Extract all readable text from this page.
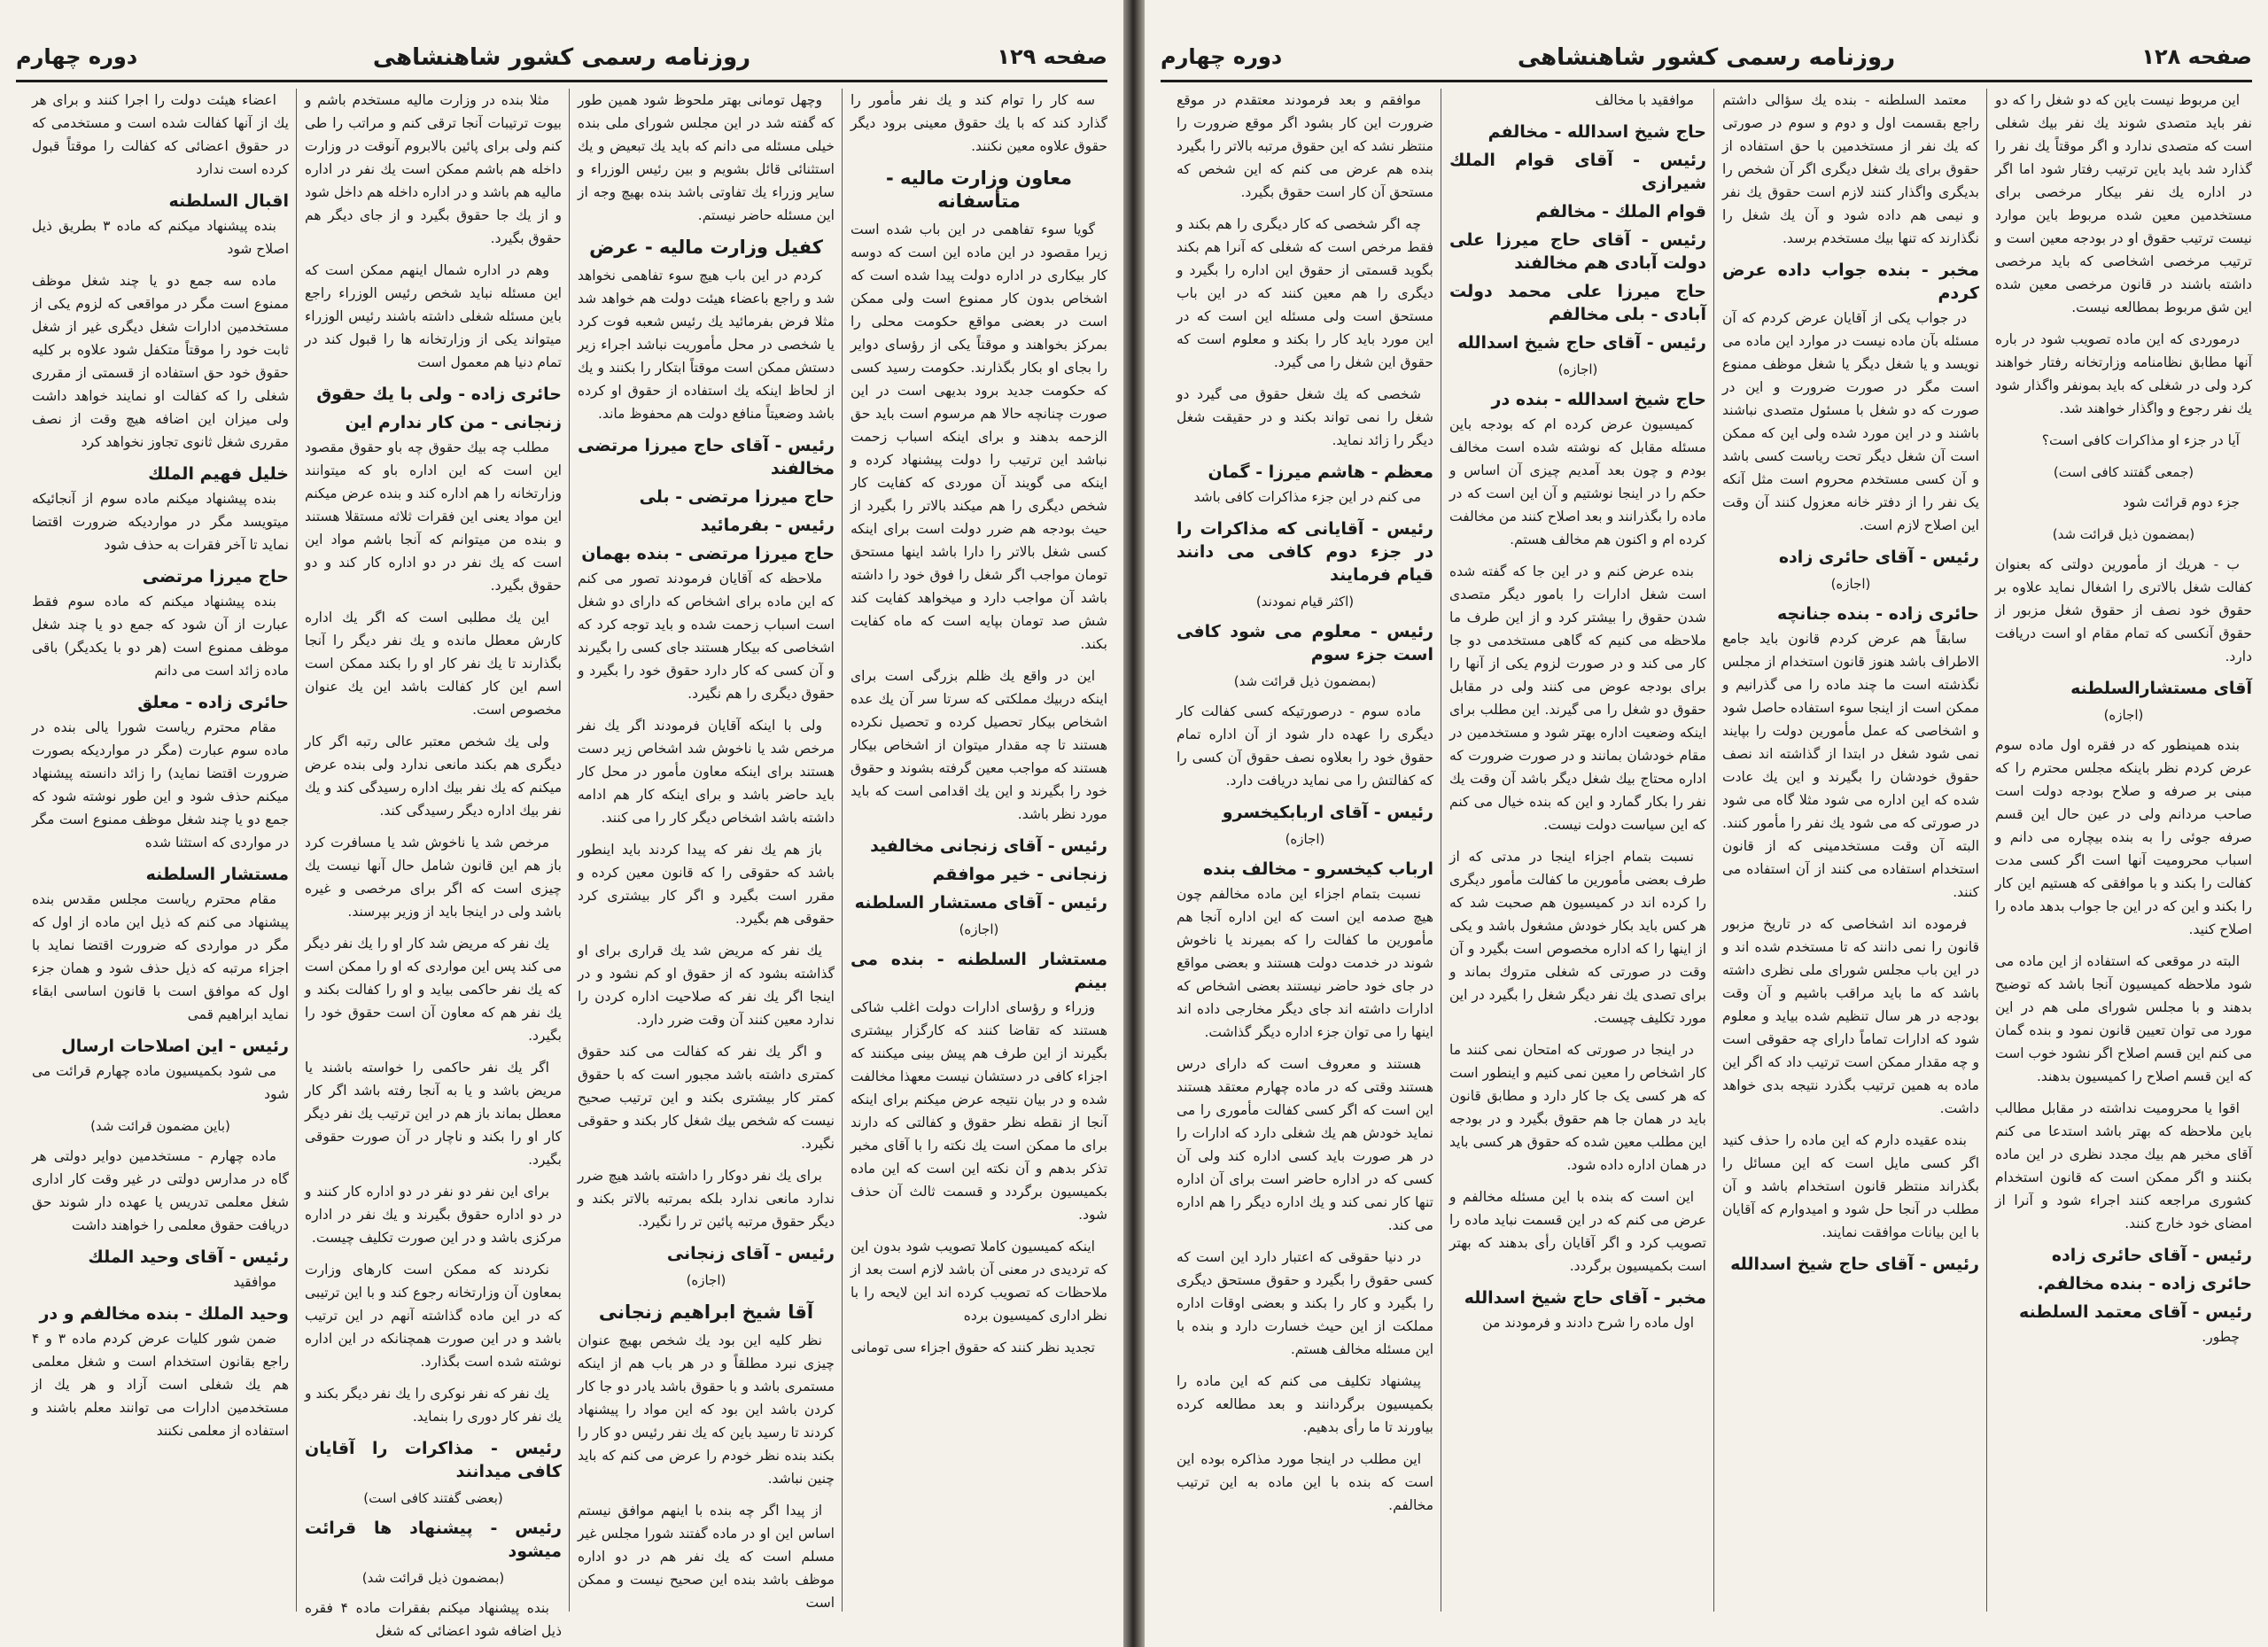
صفحه ۱۲۸
روزنامه رسمی کشور شاهنشاهی
دوره چهارم

این مربوط نیست باین که دو شغل را که دو نفر باید متصدی شوند یك نفر بیك شغلی است که متصدی ندارد و اگر موقتاً یك نفر را گذارد شد باید باین ترتیب رفتار شود اما اگر در اداره یك نفر بیکار مرخصی برای مستخدمین معین شده مربوط باین موارد نیست ترتیب حقوق او در بودجه معین است و ترتیب مرخصی اشخاصی که باید مرخصی داشته باشند در قانون مرخصی معین شده این شق مربوط بمطالعه نیست.

درموردی که این ماده تصویب شود در باره آنها مطابق نظامنامه وزارتخانه رفتار خواهند کرد ولی در شغلی که باید بمونفر واگذار شود یك نفر رجوع و واگذار خواهند شد.

آیا در جزء او مذاکرات کافی است؟

(جمعی گفتند کافی است)

جزء دوم قرائت شود

(بمضمون ذیل قرائت شد)

ب - هریك از مأمورین دولتی که بعنوان کفالت شغل بالاتری را اشغال نماید علاوه بر حقوق خود نصف از حقوق شغل مزبور از حقوق آنکسی که تمام مقام او است دریافت دارد.

آقای مستشارالسلطنه
(اجازه)

بنده همینطور که در فقره اول ماده سوم عرض کردم نظر باینکه مجلس محترم را که مبنی بر صرفه و صلاح بودجه دولت است صاحب مردانم ولی در عین حال این قسم صرفه جوئی را به بنده بیچاره می دانم و اسباب محرومیت آنها است اگر کسی مدت کفالت را بکند و با موافقی که هستیم این کار را بکند و این که در این جا جواب بدهد ماده را اصلاح کنید.

البته در موقعی که استفاده از این ماده می شود ملاحظه کمیسیون آنجا باشد که توضیح بدهند و با مجلس شورای ملی هم در این مورد می توان تعیین قانون نمود و بنده گمان می کنم این قسم اصلاح اگر نشود خوب است که این قسم اصلاح را کمیسیون بدهند.

اقوا یا محرومیت نداشته در مقابل مطالب باین ملاحظه که بهتر باشد استدعا می کنم آقای مخبر هم بیك مجدد نظری در این ماده بکنند و اگر ممکن است که قانون استخدام کشوری مراجعه کنند اجراء شود و آنرا از امضای خود خارج کنند.

رئیس - آقای حائری زاده
حائری زاده - بنده مخالفم.
رئیس - آقای معتمد السلطنه

چطور.

معتمد السلطنه - بنده یك سؤالی داشتم راجع بقسمت اول و دوم و سوم در صورتی که یك نفر از مستخدمین با حق استفاده از حقوق برای یك شغل دیگری اگر آن شخص را بدیگری واگذار کنند لازم است حقوق یك نفر و نیمی هم داده شود و آن یك شغل را نگذارند که تنها بیك مستخدم برسد.

مخبر - بنده جواب داده عرض کردم

در جواب یکی از آقایان عرض کردم که آن مسئله بآن ماده نیست در موارد این ماده می نویسد و یا شغل دیگر یا شغل موظف ممنوع است مگر در صورت ضرورت و این در صورت که دو شغل با مسئول متصدی نباشند باشند و در این مورد شده ولی این که ممکن است آن شغل دیگر تحت ریاست کسی باشد و آن کسی مستخدم محروم است مثل آنکه یک نفر را از دفتر خانه معزول کنند آن وقت این اصلاح لازم است.

رئیس - آقای حائری زاده
(اجازه)
حائری زاده - بنده جنانچه

سابقاً هم عرض کردم قانون باید جامع الاطراف باشد هنوز قانون استخدام از مجلس نگذشته است ما چند ماده را می گذرانیم و ممکن است از اینجا سوء استفاده حاصل شود و اشخاصی که عمل مأمورین دولت را بپایند نمی شود شغل در ابتدا از گذاشته اند نصف حقوق خودشان را بگیرند و این یك عادت شده که این اداره می شود مثلا گاه می شود در صورتی که می شود یك نفر را مأمور کنند. البته آن وقت مستخدمینی که از قانون استخدام استفاده می کنند از آن استفاده می کنند.

فرموده اند اشخاصی که در تاریخ مزبور قانون را نمی دانند که تا مستخدم شده اند و در این باب مجلس شورای ملی نظری داشته باشد که ما باید مراقب باشیم و آن وقت بودجه در هر سال تنظیم شده بیاید و معلوم شود که ادارات تماماً دارای چه حقوقی است و چه مقدار ممکن است ترتیب داد که اگر این ماده به همین ترتیب بگذرد نتیجه بدی خواهد داشت.

بنده عقیده دارم که این ماده را حذف کنید اگر کسی مایل است که این مسائل را بگذراند منتظر قانون استخدام باشد و آن مطلب در آنجا حل شود و امیدوارم که آقایان با این بیانات موافقت نمایند.

رئیس - آقای حاج شیخ اسدالله

موافقید با مخالف

حاج شیخ اسدالله - مخالفم
رئیس - آقای قوام الملك شیرازی
قوام الملك - مخالفم
رئیس - آقای حاج میرزا علی دولت آبادی هم مخالفند
حاج میرزا علی محمد دولت آبادی - بلی مخالفم
رئیس - آقای حاج شیخ اسدالله
(اجازه)
حاج شیخ اسدالله - بنده در

کمیسیون عرض کرده ام که بودجه باین مسئله مقابل که نوشته شده است مخالف بودم و چون بعد آمدیم چیزی آن اساس و حکم را در اینجا نوشتیم و آن این است که در ماده را بگذرانند و بعد اصلاح کنند من مخالفت کرده ام و اکنون هم مخالف هستم.

بنده عرض کنم و در این جا که گفته شده است شغل ادارات را بامور دیگر متصدی شدن حقوق را بیشتر کرد و از این طرف ما ملاحظه می کنیم که گاهی مستخدمی دو جا کار می کند و در صورت لزوم یکی از آنها را برای بودجه عوض می کنند ولی در مقابل حقوق دو شغل را می گیرند. این مطلب برای اینکه وضعیت اداره بهتر شود و مستخدمین در مقام خودشان بمانند و در صورت ضرورت که اداره محتاج بیك شغل دیگر باشد آن وقت یك نفر را بکار گمارد و این که بنده خیال می کنم که این سیاست دولت نیست.

نسبت بتمام اجزاء اینجا در مدتی که از طرف بعضی مأمورین ما کفالت مأمور دیگری را کرده اند در کمیسیون هم صحبت شد که هر کس باید بکار خودش مشغول باشد و یکی از اینها را که اداره مخصوص است بگیرد و آن وقت در صورتی که شغلی متروك بماند و برای تصدی یك نفر دیگر شغل را بگیرد در این مورد تکلیف چیست.

در اینجا در صورتی که امتحان نمی کنند ما کار اشخاص را معین نمی کنیم و اینطور است که هر کسی یک جا کار دارد و مطابق قانون باید در همان جا هم حقوق بگیرد و در بودجه این مطلب معین شده که حقوق هر کسی باید در همان اداره داده شود.

این است که بنده با این مسئله مخالفم و عرض می کنم که در این قسمت نباید ماده را تصویب کرد و اگر آقایان رأی بدهند که بهتر است بکمیسیون برگردد.

مخبر - آقای حاج شیخ اسدالله

اول ماده را شرح دادند و فرمودند من

موافقم و بعد فرمودند معتقدم در موقع ضرورت این کار بشود اگر موقع ضرورت را منتظر نشد که این حقوق مرتبه بالاتر را بگیرد بنده هم عرض می کنم که این شخص که مستحق آن کار است حقوق بگیرد.

چه اگر شخصی که کار دیگری را هم بکند و فقط مرخص است که شغلی که آنرا هم بکند بگوید قسمتی از حقوق این اداره را بگیرد و دیگری را هم معین کنند که در این باب مستحق است ولی مسئله این است که در این مورد باید کار را بکند و معلوم است که حقوق این شغل را می گیرد.

شخصی که یك شغل حقوق می گیرد دو شغل را نمی تواند بکند و در حقیقت شغل دیگر را زائد نماید.

معظم - هاشم میرزا - گمان

می کنم در این جزء مذاکرات کافی باشد

رئیس - آقایانی که مذاکرات را در جزء دوم کافی می دانند قیام فرمایند
(اکثر قیام نمودند)
رئیس - معلوم می شود کافی است جزء سوم
(بمضمون ذیل قرائت شد)

ماده سوم - درصورتیکه کسی کفالت کار دیگری را عهده دار شود از آن اداره تمام حقوق خود را بعلاوه نصف حقوق آن کسی را که کفالتش را می نماید دریافت دارد.

رئیس - آقای اربابکیخسرو
(اجازه)
ارباب کیخسرو - مخالف بنده

نسبت بتمام اجزاء این ماده مخالفم چون هیچ صدمه این است که این اداره آنجا هم مأمورین ما کفالت را که بمیرند یا ناخوش شوند در خدمت دولت هستند و بعضی مواقع در جای خود حاضر نیستند بعضی اشخاص که ادارات داشته اند جای دیگر مخارجی داده اند اینها را می توان جزء اداره دیگر گذاشت.

هستند و معروف است که دارای درس هستند وقتی که در ماده چهارم معتقد هستند این است که اگر کسی کفالت مأموری را می نماید خودش هم یك شغلی دارد که ادارات را در هر صورت باید کسی اداره کند ولی آن کسی که در اداره حاضر است برای آن اداره تنها کار نمی کند و یك اداره دیگر را هم اداره می کند.

در دنیا حقوقی که اعتبار دارد این است که کسی حقوق را بگیرد و حقوق مستحق دیگری را بگیرد و کار را بکند و بعضی اوقات اداره مملکت از این حیث خسارت دارد و بنده با این مسئله مخالف هستم.

پیشنهاد تکلیف می کنم که این ماده را بکمیسیون برگردانند و بعد مطالعه کرده بیاورند تا ما رأی بدهیم.

این مطلب در اینجا مورد مذاکره بوده این است که بنده با این ماده به این ترتیب مخالفم.

صفحه ۱۲۹
روزنامه رسمی کشور شاهنشاهی
دوره چهارم

سه کار را توام کند و یك نفر مأمور را گذارد کند که با یك حقوق معینی برود دیگر حقوق علاوه معین نکنند.

معاون وزارت مالیه - متأسفانه

گویا سوء تفاهمی در این باب شده است زیرا مقصود در این ماده این است که دوسه کار بیکاری در اداره دولت پیدا شده است که اشخاص بدون کار ممنوع است ولی ممکن است در بعضی مواقع حکومت محلی را بمرکز بخواهند و موقتاً یکی از رؤسای دوایر را بجای او بکار بگذارند. حکومت رسید کسی که حکومت جدید برود بدیهی است در این صورت چنانچه حالا هم مرسوم است باید حق الزحمه بدهند و برای اینکه اسباب زحمت نباشد این ترتیب را دولت پیشنهاد کرده و اینکه می گویند آن موردی که کفایت کار شخص دیگری را هم میکند بالاتر را بگیرد از حیث بودجه هم ضرر دولت است برای اینکه کسی شغل بالاتر را دارا باشد اینها مستحق تومان مواجب اگر شغل را فوق خود را داشته باشد آن مواجب دارد و میخواهد کفایت کند شش صد تومان بپایه است که ماه کفایت بکند.

این در واقع یك ظلم بزرگی است برای اینکه دربیك مملکتی که سرتا سر آن یك عده اشخاص بیکار تحصیل کرده و تحصیل نکرده هستند تا چه مقدار میتوان از اشخاص بیکار هستند که مواجب معین گرفته بشوند و حقوق خود را بگیرند و این یك اقدامی است که باید مورد نظر باشد.

رئیس - آقای زنجانی مخالفید
زنجانی - خیر موافقم
رئیس - آقای مستشار السلطنه
(اجازه)
مستشار السلطنه - بنده می بینم

وزراء و رؤسای ادارات دولت اغلب شاکی هستند که تقاضا کنند که کارگزار بیشتری بگیرند از این طرف هم پیش بینی میکنند که اجزاء کافی در دستشان نیست معهذا مخالفت شده و در بیان نتیجه عرض میکنم برای اینکه آنجا از نقطه نظر حقوق و کفالتی که دارند برای ما ممکن است یك نکته را با آقای مخبر تذکر بدهم و آن نکته این است که این ماده بکمیسیون برگردد و قسمت ثالث آن حذف شود.

اینکه کمیسیون کاملا تصویب شود بدون این که تردیدی در معنی آن باشد لازم است بعد از ملاحظات که تصویب کرده اند این لایحه را با نظر اداری کمیسیون برده

تجدید نظر کنند که حقوق اجزاء سی تومانی

وچهل تومانی بهتر ملحوظ شود همین طور که گفته شد در این مجلس شورای ملی بنده خیلی مسئله می دانم که باید یك تبعیض و یك استثنائی قائل بشویم و بین رئیس الوزراء و سایر وزراء یك تفاوتی باشد بنده بهیچ وجه از این مسئله حاضر نیستم.

کفیل وزارت مالیه - عرض

کردم در این باب هیچ سوء تفاهمی نخواهد شد و راجع باعضاء هیئت دولت هم خواهد شد مثلا فرض بفرمائید یك رئیس شعبه فوت کرد یا شخصی در محل مأموریت نباشد اجراء زیر دستش ممکن است موقتاً ابتکار را بکنند و یك از لحاظ اینکه یك استفاده از حقوق او کرده باشد وضعیتاً منافع دولت هم محفوظ ماند.

رئیس - آقای حاج میرزا مرتضی مخالفند
حاج میرزا مرتضی - بلی
رئیس - بفرمائید
حاج میرزا مرتضی - بنده بهمان

ملاحظه که آقایان فرمودند تصور می کنم که این ماده برای اشخاص که دارای دو شغل است اسباب زحمت شده و باید توجه کرد که اشخاصی که بیکار هستند جای کسی را بگیرند و آن کسی که کار دارد حقوق خود را بگیرد و حقوق دیگری را هم نگیرد.

ولی با اینکه آقایان فرمودند اگر یك نفر مرخص شد یا ناخوش شد اشخاص زیر دست هستند برای اینکه معاون مأمور در محل کار باید حاضر باشد و برای اینکه کار هم ادامه داشته باشد اشخاص دیگر کار را می کنند.

باز هم یك نفر که پیدا کردند باید اینطور باشد که حقوقی را که قانون معین کرده و مقرر است بگیرد و اگر کار بیشتری کرد حقوقی هم بگیرد.

یك نفر که مریض شد یك قراری برای او گذاشته بشود که از حقوق او کم نشود و در اینجا اگر یك نفر که صلاحیت اداره کردن را ندارد معین کنند آن وقت ضرر دارد.

و اگر یك نفر که کفالت می کند حقوق کمتری داشته باشد مجبور است که با حقوق کمتر کار بیشتری بکند و این ترتیب صحیح نیست که شخص بیك شغل کار بکند و حقوقی نگیرد.

برای یك نفر دوکار را داشته باشد هیچ ضرر ندارد مانعی ندارد بلکه بمرتبه بالاتر بکند و دیگر حقوق مرتبه پائین تر را نگیرد.

رئیس - آقای زنجانی
(اجازه)
آقا شیخ ابراهیم زنجانی

نظر کلیه این بود یك شخص بهیچ عنوان چیزی نبرد مطلقاً و در هر باب هم از اینکه مستمری باشد و با حقوق باشد یادر دو جا کار کردن باشد این بود که این مواد را پیشنهاد کردند تا رسید باین که یك نفر رئیس دو کار را بکند بنده نظر خودم را عرض می کنم که باید چنین نباشد.

از پیدا اگر چه بنده با اینهم موافق نیستم اساس این او در ماده گفتند شورا مجلس غیر مسلم است که یك نفر هم در دو اداره موظف باشد بنده این صحیح نیست و ممکن است

مثلا بنده در وزارت مالیه مستخدم باشم و بیوت ترتیبات آنجا ترقی کنم و مراتب را طی کنم ولی برای پائین بالابروم آنوقت در وزارت داخله هم باشم ممکن است یك نفر در اداره مالیه هم باشد و در اداره داخله هم داخل شود و از یك جا حقوق بگیرد و از جای دیگر هم حقوق بگیرد.

وهم در اداره شمال اینهم ممکن است که این مسئله نباید شخص رئیس الوزراء راجع باین مسئله شغلی داشته باشند رئیس الوزراء میتواند یکی از وزارتخانه ها را قبول کند در تمام دنیا هم معمول است

حائری زاده - ولی با یك حقوق
زنجانی - من کار ندارم این

مطلب چه بیك حقوق چه باو حقوق مقصود این است که این اداره باو که میتوانند وزارتخانه را هم اداره کند و بنده عرض میکنم این مواد یعنی این فقرات ثلاثه مستقلا هستند و بنده من میتوانم که آنجا باشم مواد این است که یك نفر در دو اداره کار کند و دو حقوق بگیرد.

این یك مطلبی است که اگر یك اداره کارش معطل مانده و یك نفر دیگر را آنجا بگذارند تا یك نفر کار او را بکند ممکن است اسم این کار کفالت باشد این یك عنوان مخصوص است.

ولی یك شخص معتبر عالی رتبه اگر کار دیگری هم بکند مانعی ندارد ولی بنده عرض میکنم که یك نفر بیك اداره رسیدگی کند و یك نفر بیك اداره دیگر رسیدگی کند.

مرخص شد یا ناخوش شد یا مسافرت کرد باز هم این قانون شامل حال آنها نیست یك چیزی است که اگر برای مرخصی و غیره باشد ولی در اینجا باید از وزیر بپرسند.

یك نفر که مریض شد کار او را یك نفر دیگر می کند پس این مواردی که او را ممکن است که یك نفر حاکمی بیاید و او را کفالت بکند و یك نفر هم که معاون آن است حقوق خود را بگیرد.

اگر یك نفر حاکمی را خواسته باشند یا مریض باشد و یا به آنجا رفته باشد اگر کار معطل بماند باز هم در این ترتیب یك نفر دیگر کار او را بکند و ناچار در آن صورت حقوقی بگیرد.

برای این نفر دو نفر در دو اداره کار کنند و در دو اداره حقوق بگیرند و یك نفر در اداره مرکزی باشد و در این صورت تکلیف چیست.

نکردند که ممکن است کارهای وزارت بمعاون آن وزارتخانه رجوع کند و با این ترتیبی که در این ماده گذاشته آنهم در این ترتیب باشد و در این صورت همچنانکه در این اداره نوشته شده است بگذارد.

یك نفر که نفر نوکری را یك نفر دیگر بکند و یك نفر کار دوری را بنماید.

رئیس - مذاکرات را آقایان کافی میدانند
(بعضی گفتند کافی است)
رئیس - پیشنهاد ها قرائت میشود
(بمضمون ذیل قرائت شد)

بنده پیشنهاد میکنم بفقرات ماده ۴ فقره ذیل اضافه شود اعضائی که شغل

اعضاء هیئت دولت را اجرا کنند و برای هر یك از آنها کفالت شده است و مستخدمی که در حقوق اعضائی که کفالت را موقتاً قبول کرده است ندارد

اقبال السلطنه

بنده پیشنهاد میکنم که ماده ۳ بطریق ذیل اصلاح شود

ماده سه جمع دو یا چند شغل موظف ممنوع است مگر در مواقعی که لزوم یکی از مستخدمین ادارات شغل دیگری غیر از شغل ثابت خود را موقتاً متکفل شود علاوه بر کلیه حقوق خود حق استفاده از قسمتی از مقرری شغلی را که کفالت او نمایند خواهد داشت ولی میزان این اضافه هیچ وقت از نصف مقرری شغل ثانوی تجاوز نخواهد کرد

خلیل فهیم الملك

بنده پیشنهاد میکنم ماده سوم از آنجائیکه میتویسد مگر در مواردیکه ضرورت اقتضا نماید تا آخر فقرات به حذف شود

حاج میرزا مرتضی

بنده پیشنهاد میکنم که ماده سوم فقط عبارت از آن شود که جمع دو یا چند شغل موظف ممنوع است (هر دو با یکدیگر) باقی ماده زائد است می دانم

حائری زاده - معلق

مقام محترم ریاست شورا یالی بنده در ماده سوم عبارت (مگر در مواردیکه بصورت ضرورت اقتضا نماید) را زائد دانسته پیشنهاد میکنم حذف شود و این طور نوشته شود که جمع دو یا چند شغل موظف ممنوع است مگر در مواردی که استثنا شده

مستشار السلطنه

مقام محترم ریاست مجلس مقدس بنده پیشنهاد می کنم که ذیل این ماده از اول که مگر در مواردی که ضرورت اقتضا نماید با اجزاء مرتبه که ذیل حذف شود و همان جزء اول که موافق است با قانون اساسی ابقاء نماید ابراهیم قمی

رئیس - این اصلاحات ارسال

می شود بکمیسیون ماده چهارم قرائت می شود

(باین مضمون قرائت شد)

ماده چهارم - مستخدمین دوایر دولتی هر گاه در مدارس دولتی در غیر وقت کار اداری شغل معلمی تدریس یا عهده دار شوند حق دریافت حقوق معلمی را خواهند داشت

رئیس - آقای وحید الملك

موافقید

وحید الملك - بنده مخالفم و در

ضمن شور کلیات عرض کردم ماده ۳ و ۴ راجع بقانون استخدام است و شغل معلمی هم یك شغلی است آزاد و هر یك از مستخدمین ادارات می توانند معلم باشند و استفاده از معلمی نکنند
